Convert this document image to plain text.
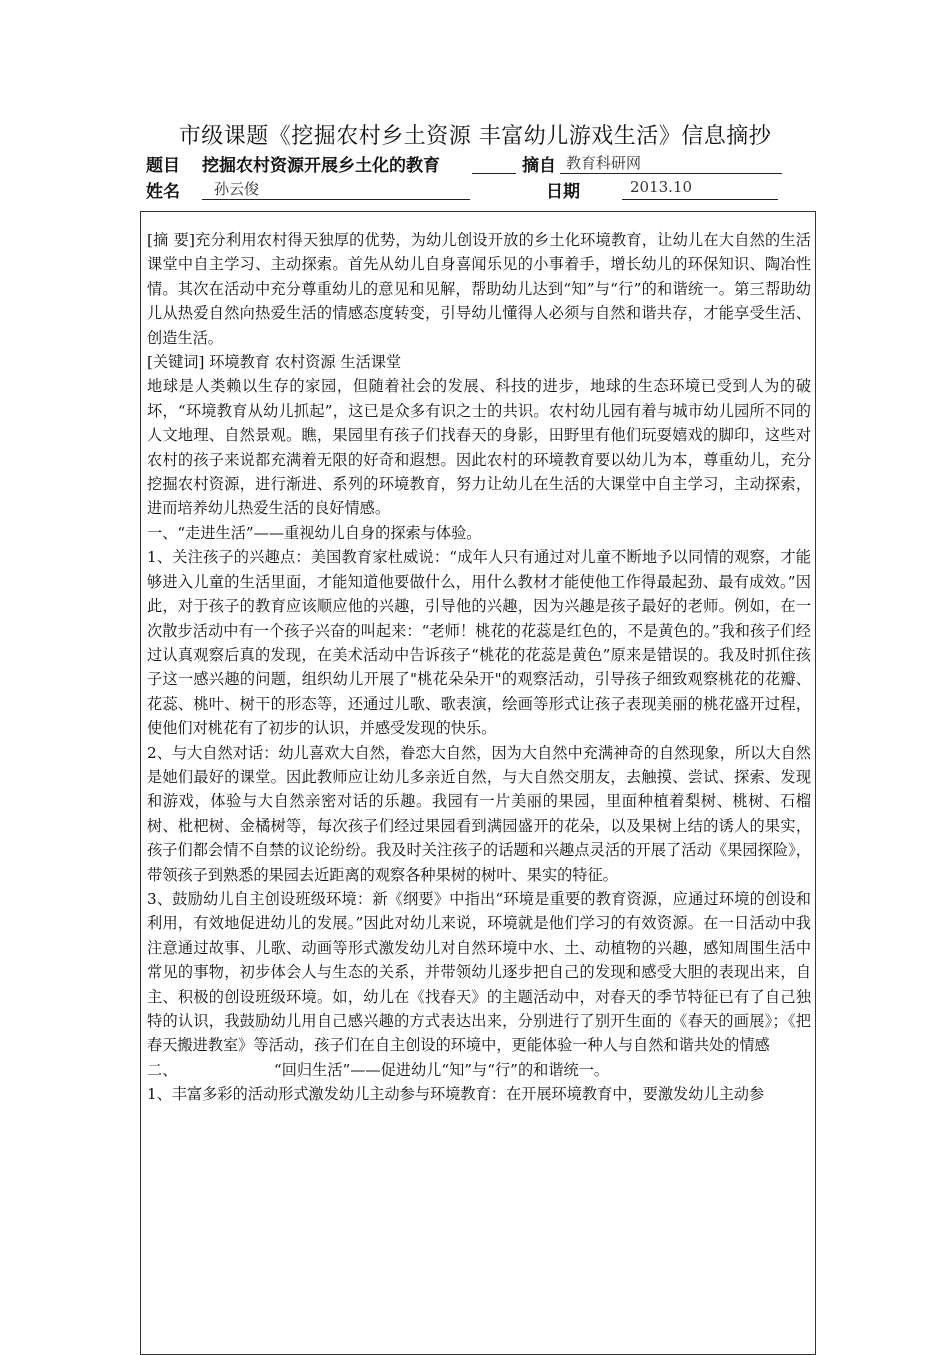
市级课题《挖掘农村乡土资源 丰富幼儿游戏生活》信息摘抄
题目 挖掘农村资源开展乡土化的教育	摘自 教育科研网
姓名 孙云俊	日期	2013.10

[摘 要]充分利用农村得天独厚的优势，为幼儿创设开放的乡土化环境教育，让幼儿在大自然的生活课堂中自主学习、主动探索。首先从幼儿自身喜闻乐见的小事着手，增长幼儿的环保知识、陶冶性情。其次在活动中充分尊重幼儿的意见和见解，帮助幼儿达到“知”与“行”的和谐统一。第三帮助幼儿从热爱自然向热爱生活的情感态度转变，引导幼儿懂得人必须与自然和谐共存，才能享受生活、创造生活。

[关键词] 环境教育 农村资源 生活课堂

地球是人类赖以生存的家园，但随着社会的发展、科技的进步，地球的生态环境已受到人为的破坏，“环境教育从幼儿抓起”，这已是众多有识之士的共识。农村幼儿园有着与城市幼儿园所不同的人文地理、自然景观。瞧，果园里有孩子们找春天的身影，田野里有他们玩耍嬉戏的脚印，这些对农村的孩子来说都充满着无限的好奇和遐想。因此农村的环境教育要以幼儿为本，尊重幼儿，充分挖掘农村资源，进行渐进、系列的环境教育，努力让幼儿在生活的大课堂中自主学习，主动探索，进而培养幼儿热爱生活的良好情感。

一、“走进生活”——重视幼儿自身的探索与体验。

1、关注孩子的兴趣点：美国教育家杜威说：“成年人只有通过对儿童不断地予以同情的观察，才能够进入儿童的生活里面，才能知道他要做什么，用什么教材才能使他工作得最起劲、最有成效。”因此，对于孩子的教育应该顺应他的兴趣，引导他的兴趣，因为兴趣是孩子最好的老师。例如，在一次散步活动中有一个孩子兴奋的叫起来：“老师！桃花的花蕊是红色的，不是黄色的。”我和孩子们经过认真观察后真的发现，在美术活动中告诉孩子“桃花的花蕊是黄色”原来是错误的。我及时抓住孩子这一感兴趣的问题，组织幼儿开展了"桃花朵朵开"的观察活动，引导孩子细致观察桃花的花瓣、花蕊、桃叶、树干的形态等，还通过儿歌、歌表演，绘画等形式让孩子表现美丽的桃花盛开过程，使他们对桃花有了初步的认识，并感受发现的快乐。

2、与大自然对话：幼儿喜欢大自然，眷恋大自然，因为大自然中充满神奇的自然现象，所以大自然是她们最好的课堂。因此教师应让幼儿多亲近自然，与大自然交朋友，去触摸、尝试、探索、发现和游戏，体验与大自然亲密对话的乐趣。我园有一片美丽的果园，里面种植着梨树、桃树、石榴树、枇杷树、金橘树等，每次孩子们经过果园看到满园盛开的花朵，以及果树上结的诱人的果实，孩子们都会情不自禁的议论纷纷。我及时关注孩子的话题和兴趣点灵活的开展了活动《果园探险》，带领孩子到熟悉的果园去近距离的观察各种果树的树叶、果实的特征。

3、鼓励幼儿自主创设班级环境：新《纲要》中指出“环境是重要的教育资源，应通过环境的创设和利用，有效地促进幼儿的发展。”因此对幼儿来说，环境就是他们学习的有效资源。在一日活动中我注意通过故事、儿歌、动画等形式激发幼儿对自然环境中水、土、动植物的兴趣，感知周围生活中常见的事物，初步体会人与生态的关系，并带领幼儿逐步把自己的发现和感受大胆的表现出来，自主、积极的创设班级环境。如，幼儿在《找春天》的主题活动中，对春天的季节特征已有了自己独特的认识，我鼓励幼儿用自己感兴趣的方式表达出来，分别进行了别开生面的《春天的画展》；《把春天搬进教室》等活动，孩子们在自主创设的环境中，更能体验一种人与自然和谐共处的情感

二、                    “回归生活”——促进幼儿“知”与“行”的和谐统一。

1、丰富多彩的活动形式激发幼儿主动参与环境教育：在开展环境教育中，要激发幼儿主动参
